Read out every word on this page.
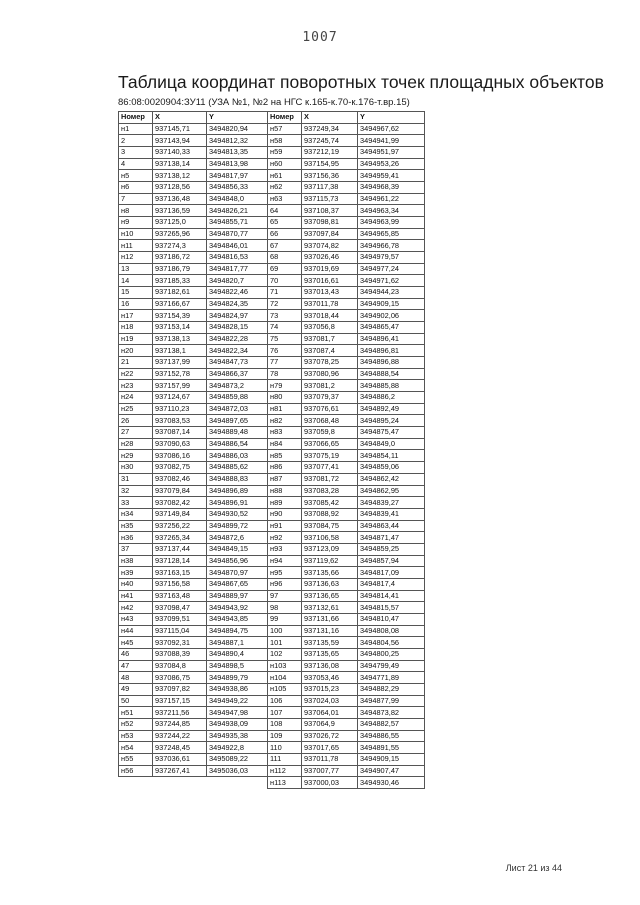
1007
Таблица координат поворотных точек площадных объектов
86:08:0020904:ЗУ11 (УЗА №1, №2 на НГС к.165-к.70-к.176-т.вр.15)
Номер	X	Y
н1	937145,71	3494820,94
2	937143,94	3494812,32
3	937140,33	3494813,35
4	937138,14	3494813,98
н5	937138,12	3494817,97
н6	937128,56	3494856,33
7	937136,48	3494848,0
н8	937136,59	3494826,21
н9	937125,0	3494855,71
н10	937265,96	3494870,77
н11	937274,3	3494846,01
н12	937186,72	3494816,53
13	937186,79	3494817,77
14	937185,33	3494820,7
15	937182,61	3494822,46
16	937166,67	3494824,35
н17	937154,39	3494824,97
н18	937153,14	3494828,15
н19	937138,13	3494822,28
н20	937138,1	3494822,34
21	937137,99	3494847,73
н22	937152,78	3494866,37
н23	937157,99	3494873,2
н24	937124,67	3494859,88
н25	937110,23	3494872,03
26	937083,53	3494897,65
27	937087,14	3494889,48
н28	937090,63	3494886,54
н29	937086,16	3494886,03
н30	937082,75	3494885,62
31	937082,46	3494888,83
32	937079,84	3494896,89
33	937082,42	3494896,91
н34	937149,84	3494930,52
н35	937256,22	3494899,72
н36	937265,34	3494872,6
37	937137,44	3494849,15
н38	937128,14	3494856,96
н39	937163,15	3494870,97
н40	937156,58	3494867,65
н41	937163,48	3494889,97
н42	937098,47	3494943,92
н43	937099,51	3494943,85
н44	937115,04	3494894,75
н45	937092,31	3494887,1
46	937088,39	3494890,4
47	937084,8	3494898,5
48	937086,75	3494899,79
49	937097,82	3494938,86
50	937157,15	3494949,22
н51	937211,56	3494947,98
н52	937244,85	3494938,09
н53	937244,22	3494935,38
н54	937248,45	3494922,8
н55	937036,61	3495089,22
н56	937267,41	3495036,03
Номер	X	Y
н57	937249,34	3494967,62
н58	937245,74	3494941,99
н59	937212,19	3494951,97
н60	937154,95	3494953,26
н61	937156,36	3494959,41
н62	937117,38	3494968,39
н63	937115,73	3494961,22
64	937108,37	3494963,34
65	937098,81	3494963,99
66	937097,84	3494965,85
67	937074,82	3494966,78
68	937026,46	3494979,57
69	937019,69	3494977,24
70	937016,61	3494971,62
71	937013,43	3494944,23
72	937011,78	3494909,15
73	937018,44	3494902,06
74	937056,8	3494865,47
75	937081,7	3494896,41
76	937087,4	3494896,81
77	937078,25	3494896,88
78	937080,96	3494888,54
н79	937081,2	3494885,88
н80	937079,37	3494886,2
н81	937076,61	3494892,49
н82	937068,48	3494895,24
н83	937059,8	3494875,47
н84	937066,65	3494849,0
н85	937075,19	3494854,11
н86	937077,41	3494859,06
н87	937081,72	3494862,42
н88	937083,28	3494862,95
н89	937085,42	3494839,27
н90	937088,92	3494839,41
н91	937084,75	3494863,44
н92	937106,58	3494871,47
н93	937123,09	3494859,25
н94	937119,62	3494857,94
н95	937135,66	3494817,09
н96	937136,63	3494817,4
97	937136,65	3494814,41
98	937132,61	3494815,57
99	937131,66	3494810,47
100	937131,16	3494808,08
101	937135,59	3494804,56
102	937135,65	3494800,25
н103	937136,08	3494799,49
н104	937053,46	3494771,89
н105	937015,23	3494882,29
106	937024,03	3494877,99
107	937064,01	3494873,82
108	937064,9	3494882,57
109	937026,72	3494886,55
110	937017,65	3494891,55
111	937011,78	3494909,15
н112	937007,77	3494907,47
н113	937000,03	3494930,46
Лист 21 из 44
